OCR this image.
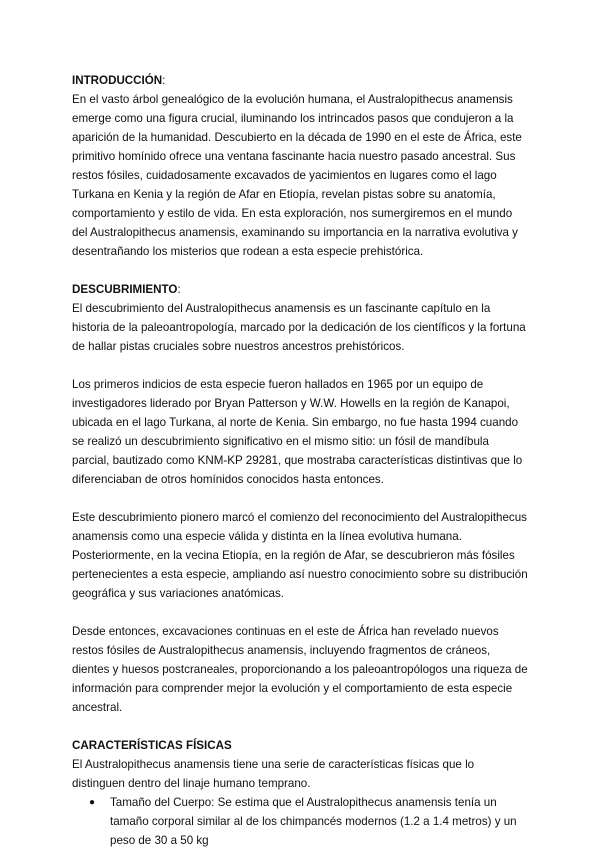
INTRODUCCIÓN:

En el vasto árbol genealógico de la evolución humana, el Australopithecus anamensis emerge como una figura crucial, iluminando los intrincados pasos que condujeron a la aparición de la humanidad. Descubierto en la década de 1990 en el este de África, este primitivo homínido ofrece una ventana fascinante hacia nuestro pasado ancestral. Sus restos fósiles, cuidadosamente excavados de yacimientos en lugares como el lago Turkana en Kenia y la región de Afar en Etiopía, revelan pistas sobre su anatomía, comportamiento y estilo de vida. En esta exploración, nos sumergiremos en el mundo del Australopithecus anamensis, examinando su importancia en la narrativa evolutiva y desentrañando los misterios que rodean a esta especie prehistórica.

DESCUBRIMIENTO:

El descubrimiento del Australopithecus anamensis es un fascinante capítulo en la historia de la paleoantropología, marcado por la dedicación de los científicos y la fortuna de hallar pistas cruciales sobre nuestros ancestros prehistóricos.

Los primeros indicios de esta especie fueron hallados en 1965 por un equipo de investigadores liderado por Bryan Patterson y W.W. Howells en la región de Kanapoi, ubicada en el lago Turkana, al norte de Kenia. Sin embargo, no fue hasta 1994 cuando se realizó un descubrimiento significativo en el mismo sitio: un fósil de mandíbula parcial, bautizado como KNM-KP 29281, que mostraba características distintivas que lo diferenciaban de otros homínidos conocidos hasta entonces.

Este descubrimiento pionero marcó el comienzo del reconocimiento del Australopithecus anamensis como una especie válida y distinta en la línea evolutiva humana. Posteriormente, en la vecina Etiopía, en la región de Afar, se descubrieron más fósiles pertenecientes a esta especie, ampliando así nuestro conocimiento sobre su distribución geográfica y sus variaciones anatómicas.

Desde entonces, excavaciones continuas en el este de África han revelado nuevos restos fósiles de Australopithecus anamensis, incluyendo fragmentos de cráneos, dientes y huesos postcraneales, proporcionando a los paleoantropólogos una riqueza de información para comprender mejor la evolución y el comportamiento de esta especie ancestral.

CARACTERÍSTICAS FÍSICAS

El Australopithecus anamensis tiene una serie de características físicas que lo distinguen dentro del linaje humano temprano.

● Tamaño del Cuerpo: Se estima que el Australopithecus anamensis tenía un tamaño corporal similar al de los chimpancés modernos (1.2 a 1.4 metros) y un peso de 30 a 50 kg
